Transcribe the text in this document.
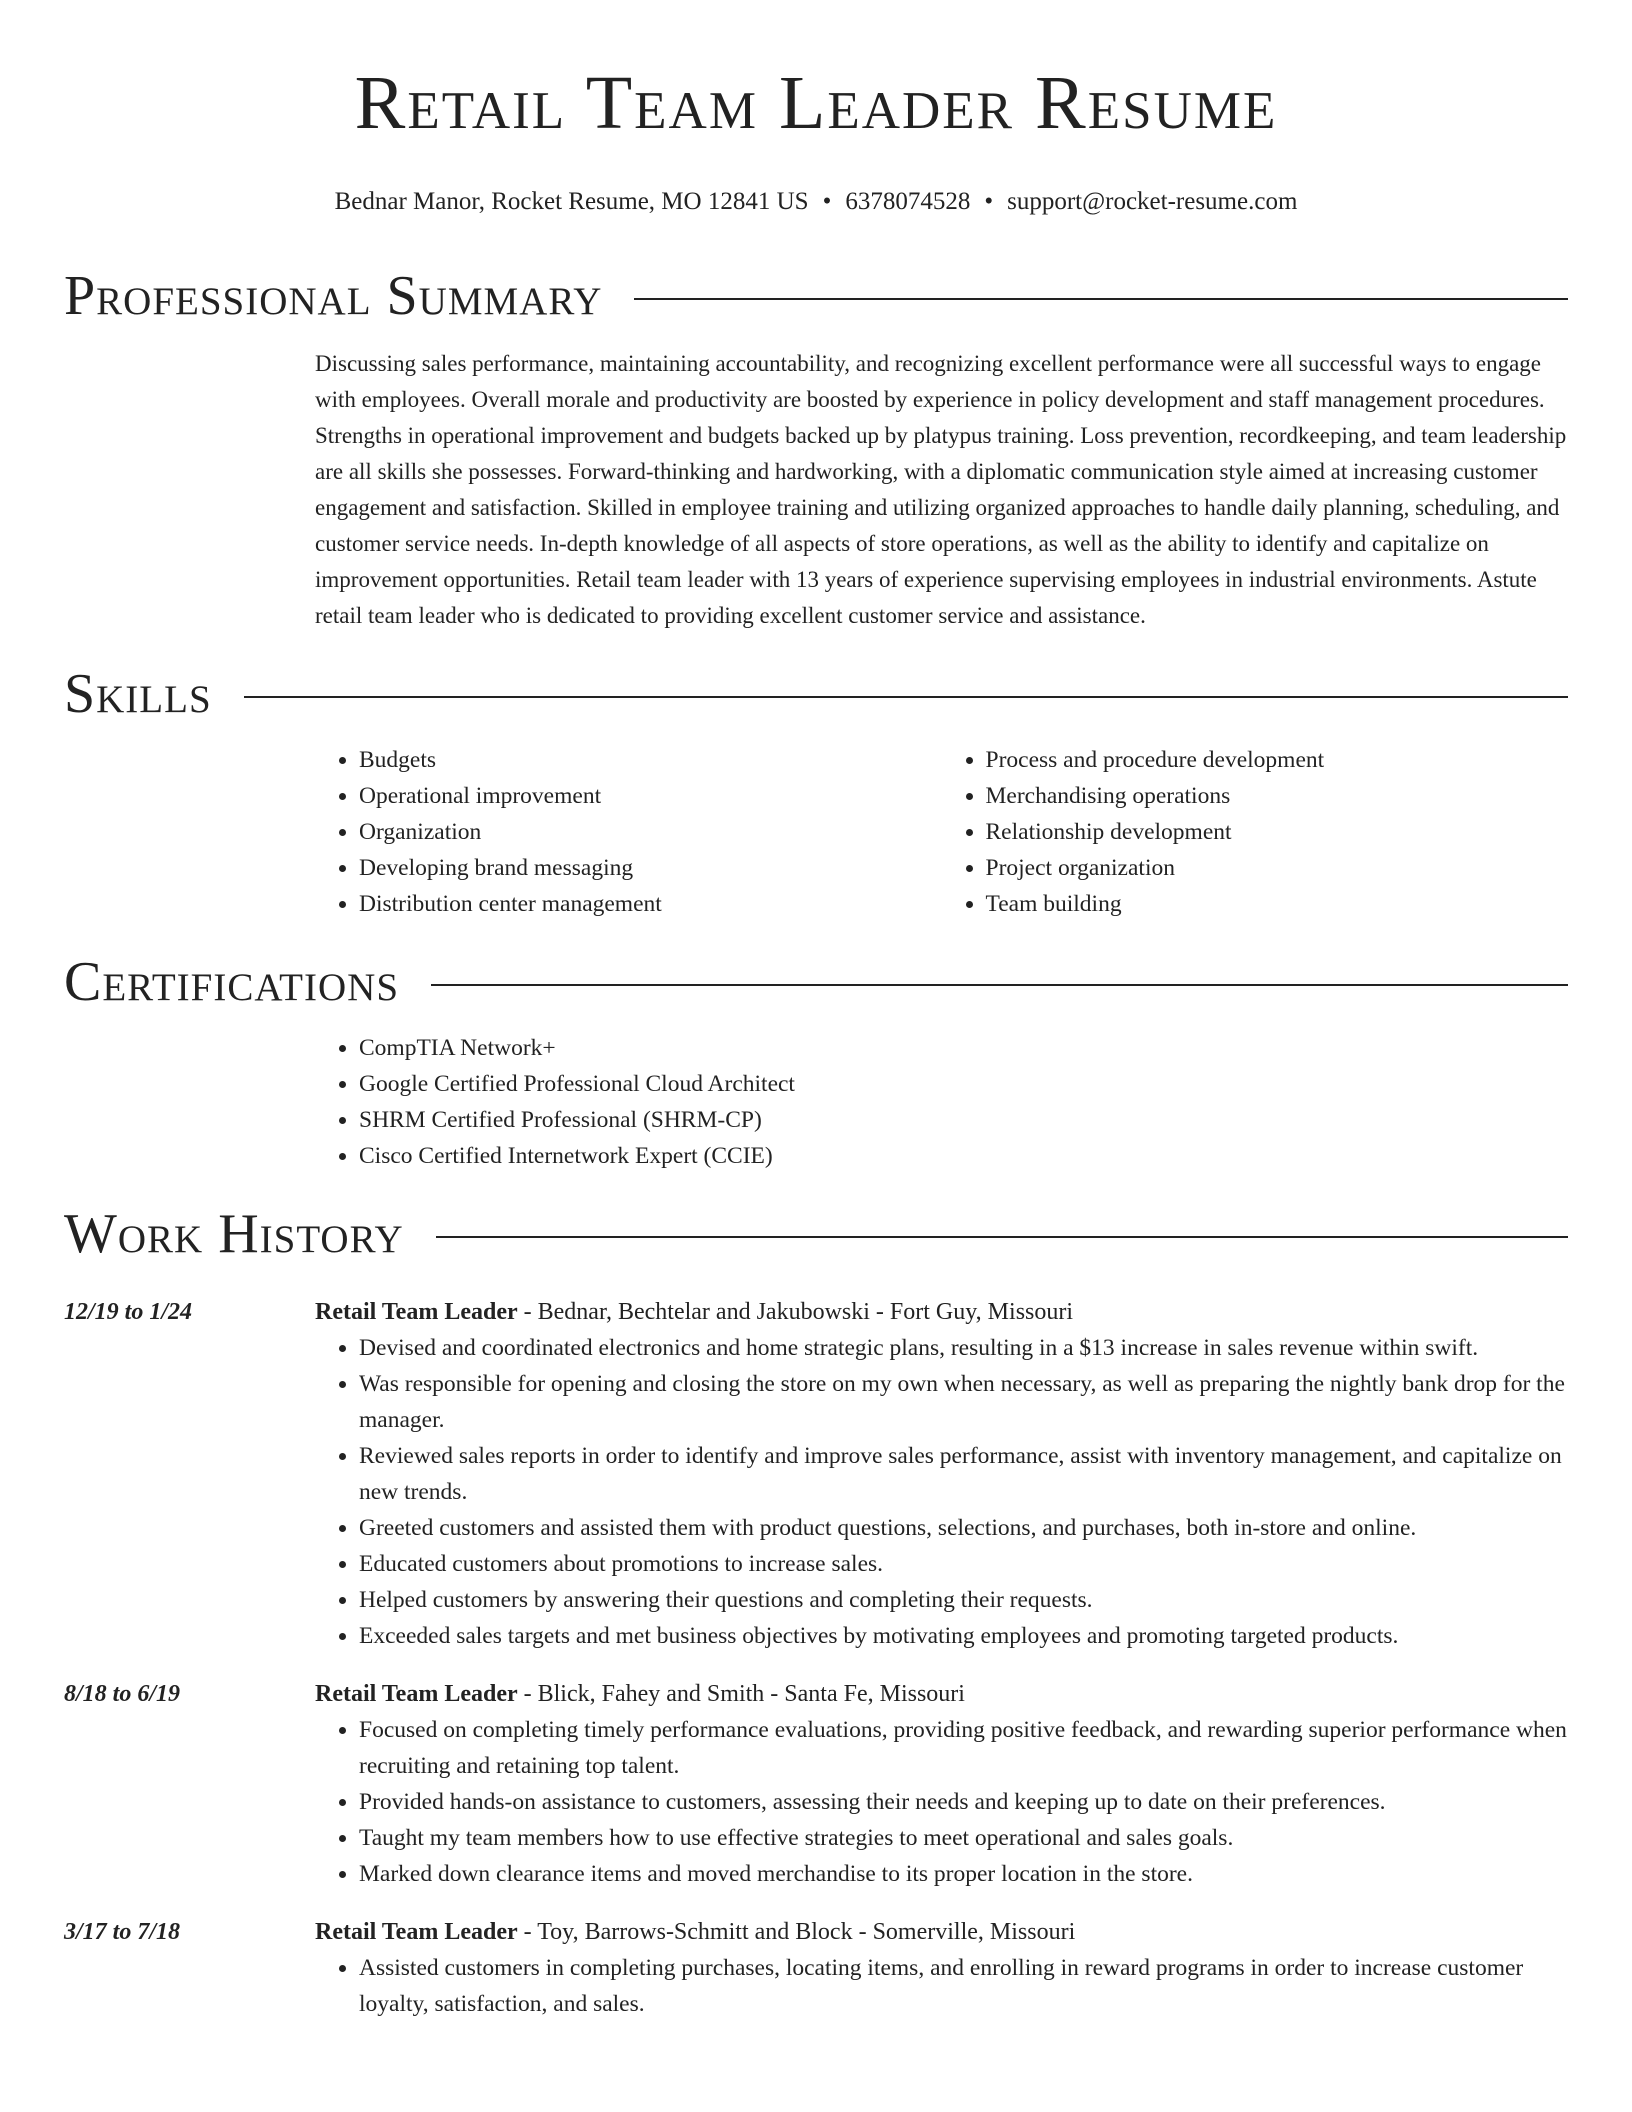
Retail Team Leader Resume
Bednar Manor, Rocket Resume, MO 12841 US • 6378074528 • support@rocket-resume.com
Professional Summary
Discussing sales performance, maintaining accountability, and recognizing excellent performance were all successful ways to engage with employees. Overall morale and productivity are boosted by experience in policy development and staff management procedures. Strengths in operational improvement and budgets backed up by platypus training. Loss prevention, recordkeeping, and team leadership are all skills she possesses. Forward-thinking and hardworking, with a diplomatic communication style aimed at increasing customer engagement and satisfaction. Skilled in employee training and utilizing organized approaches to handle daily planning, scheduling, and customer service needs. In-depth knowledge of all aspects of store operations, as well as the ability to identify and capitalize on improvement opportunities. Retail team leader with 13 years of experience supervising employees in industrial environments. Astute retail team leader who is dedicated to providing excellent customer service and assistance.
Skills
• Budgets
• Operational improvement
• Organization
• Developing brand messaging
• Distribution center management
• Process and procedure development
• Merchandising operations
• Relationship development
• Project organization
• Team building
Certifications
• CompTIA Network+
• Google Certified Professional Cloud Architect
• SHRM Certified Professional (SHRM-CP)
• Cisco Certified Internetwork Expert (CCIE)
Work History
12/19 to 1/24	Retail Team Leader - Bednar, Bechtelar and Jakubowski - Fort Guy, Missouri
• Devised and coordinated electronics and home strategic plans, resulting in a $13 increase in sales revenue within swift.
• Was responsible for opening and closing the store on my own when necessary, as well as preparing the nightly bank drop for the manager.
• Reviewed sales reports in order to identify and improve sales performance, assist with inventory management, and capitalize on new trends.
• Greeted customers and assisted them with product questions, selections, and purchases, both in-store and online.
• Educated customers about promotions to increase sales.
• Helped customers by answering their questions and completing their requests.
• Exceeded sales targets and met business objectives by motivating employees and promoting targeted products.
8/18 to 6/19	Retail Team Leader - Blick, Fahey and Smith - Santa Fe, Missouri
• Focused on completing timely performance evaluations, providing positive feedback, and rewarding superior performance when recruiting and retaining top talent.
• Provided hands-on assistance to customers, assessing their needs and keeping up to date on their preferences.
• Taught my team members how to use effective strategies to meet operational and sales goals.
• Marked down clearance items and moved merchandise to its proper location in the store.
3/17 to 7/18	Retail Team Leader - Toy, Barrows-Schmitt and Block - Somerville, Missouri
• Assisted customers in completing purchases, locating items, and enrolling in reward programs in order to increase customer loyalty, satisfaction, and sales.
